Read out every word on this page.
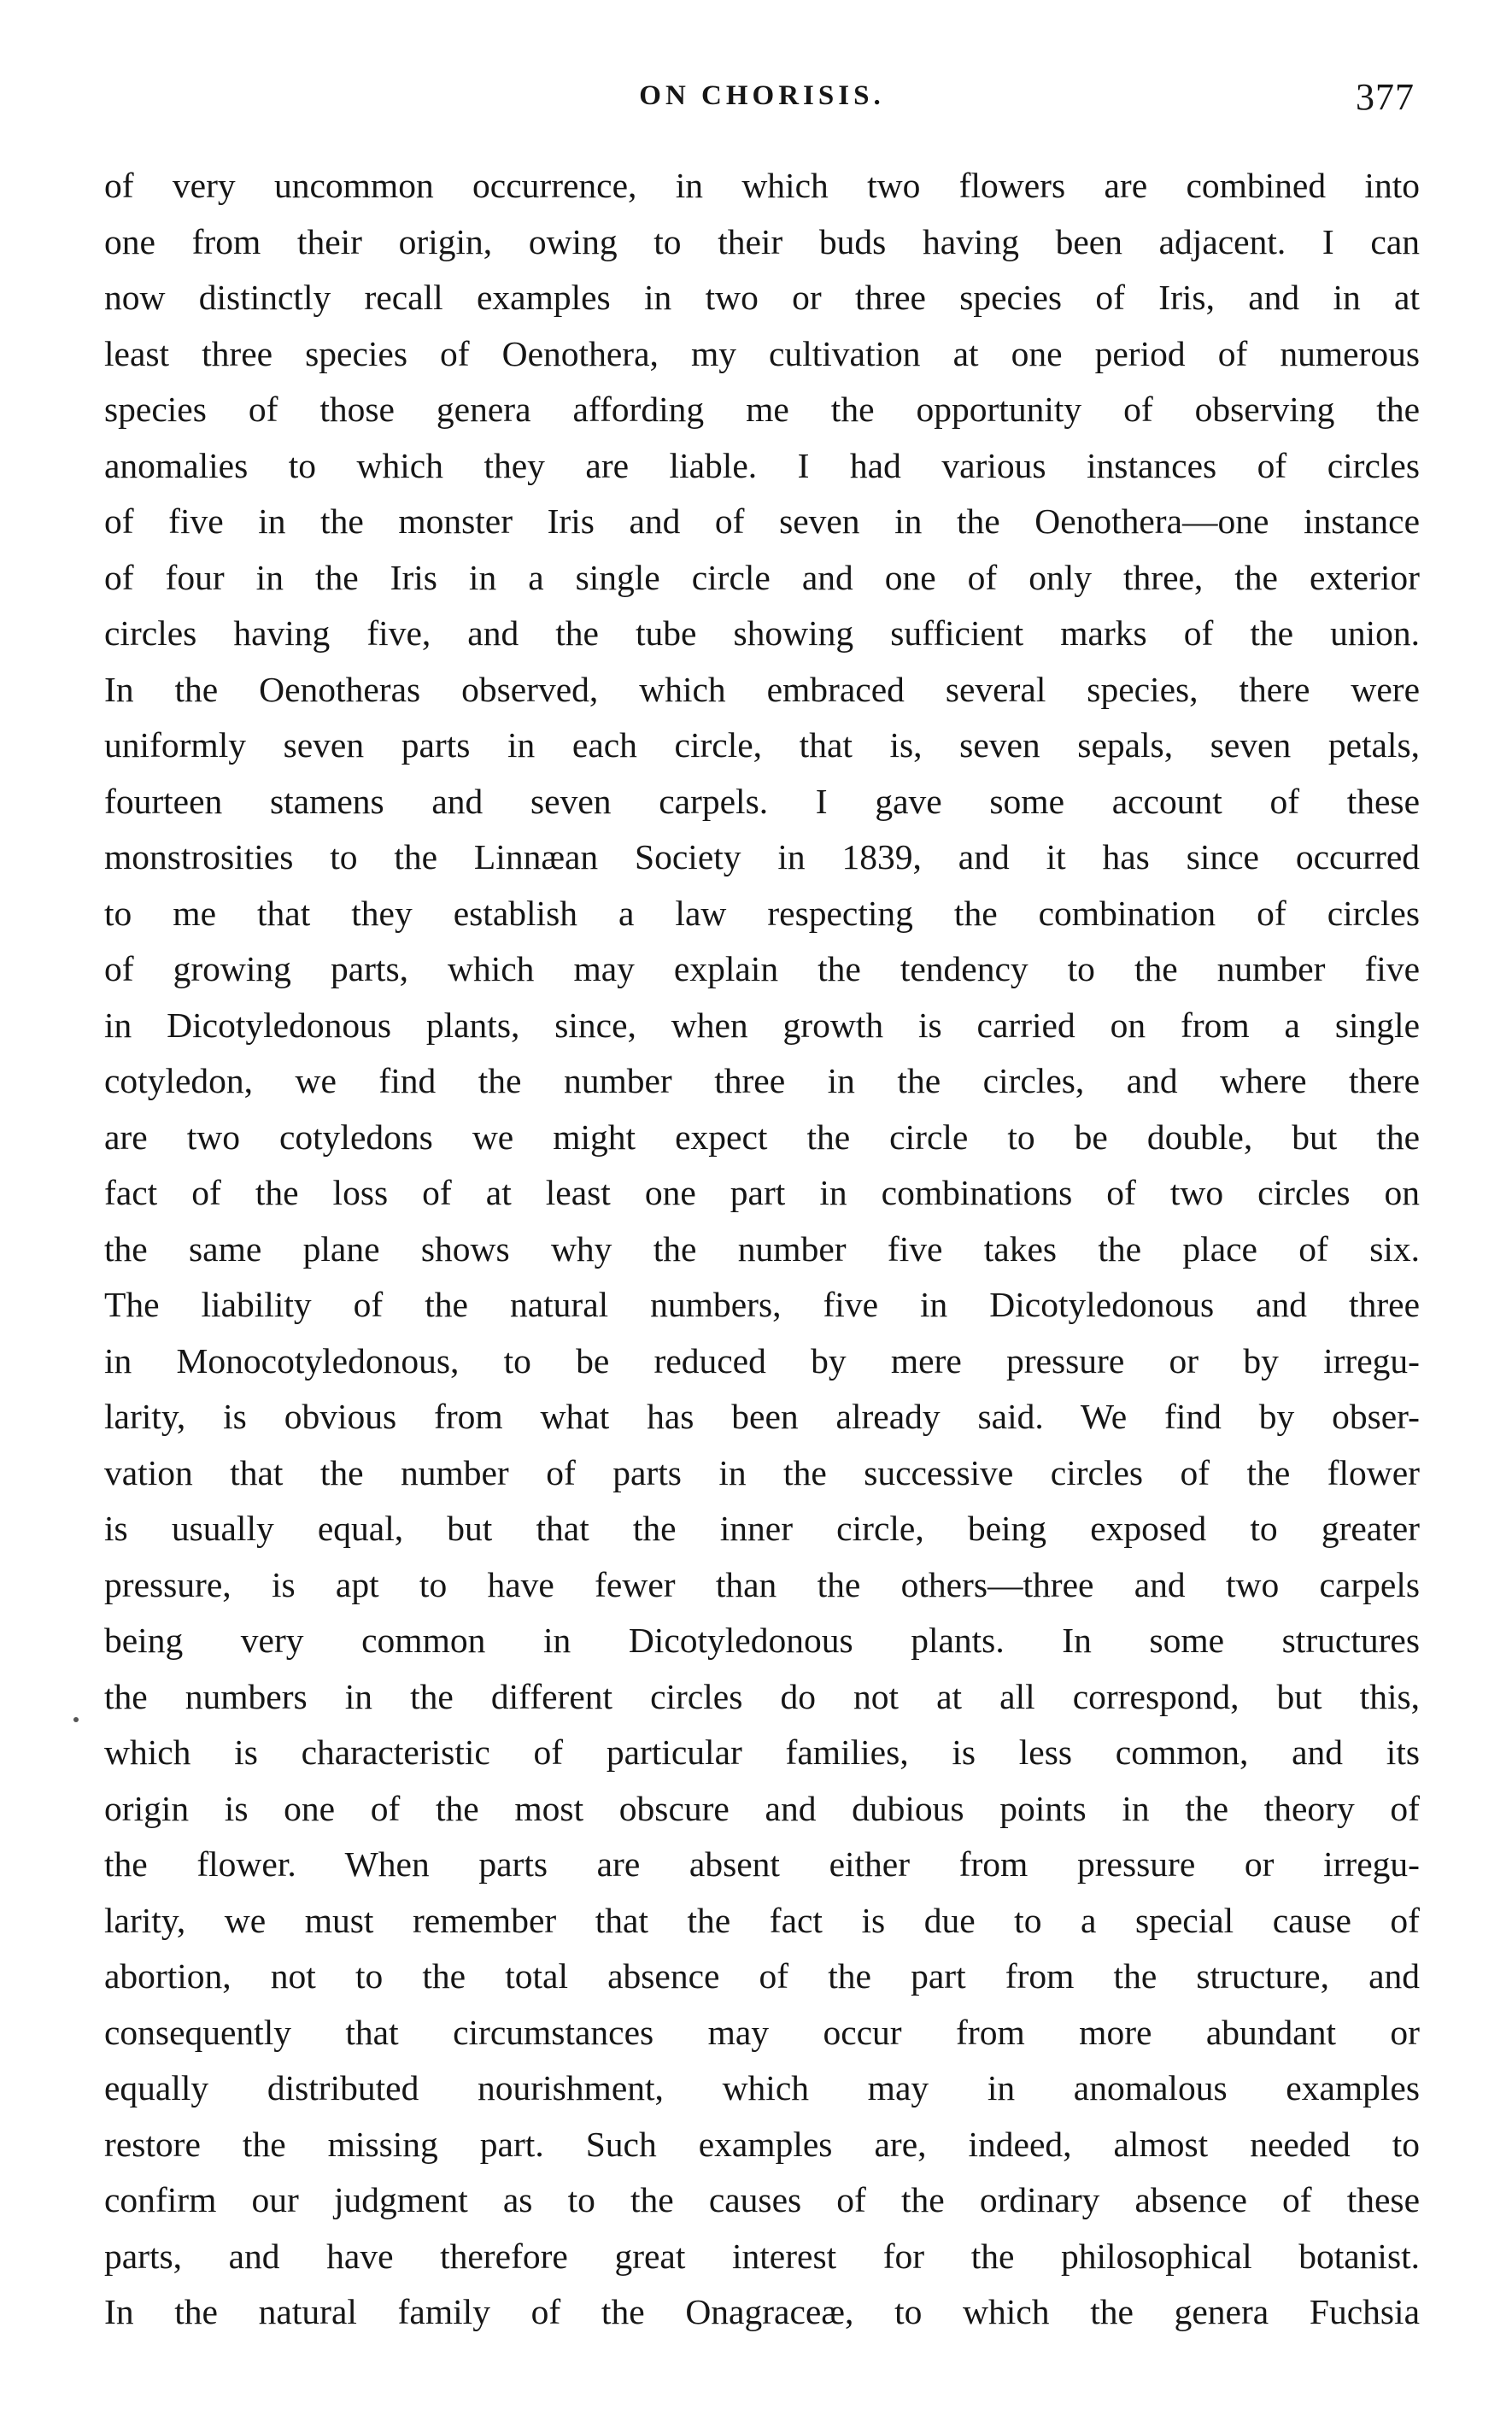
ON CHORISIS.	377
of very uncommon occurrence, in which two flowers are combined into
one from their origin, owing to their buds having been adjacent. I can
now distinctly recall examples in two or three species of Iris, and in at
least three species of Oenothera, my cultivation at one period of numerous
species of those genera affording me the opportunity of observing the
anomalies to which they are liable. I had various instances of circles
of five in the monster Iris and of seven in the Oenothera—one instance
of four in the Iris in a single circle and one of only three, the exterior
circles having five, and the tube showing sufficient marks of the union.
In the Oenotheras observed, which embraced several species, there were
uniformly seven parts in each circle, that is, seven sepals, seven petals,
fourteen stamens and seven carpels. I gave some account of these
monstrosities to the Linnæan Society in 1839, and it has since occurred
to me that they establish a law respecting the combination of circles
of growing parts, which may explain the tendency to the number five
in Dicotyledonous plants, since, when growth is carried on from a single
cotyledon, we find the number three in the circles, and where there
are two cotyledons we might expect the circle to be double, but the
fact of the loss of at least one part in combinations of two circles on
the same plane shows why the number five takes the place of six.
The liability of the natural numbers, five in Dicotyledonous and three
in Monocotyledonous, to be reduced by mere pressure or by irregu-
larity, is obvious from what has been already said. We find by obser-
vation that the number of parts in the successive circles of the flower
is usually equal, but that the inner circle, being exposed to greater
pressure, is apt to have fewer than the others—three and two carpels
being very common in Dicotyledonous plants. In some structures
the numbers in the different circles do not at all correspond, but this,
which is characteristic of particular families, is less common, and its
origin is one of the most obscure and dubious points in the theory of
the flower. When parts are absent either from pressure or irregu-
larity, we must remember that the fact is due to a special cause of
abortion, not to the total absence of the part from the structure, and
consequently that circumstances may occur from more abundant or
equally distributed nourishment, which may in anomalous examples
restore the missing part. Such examples are, indeed, almost needed to
confirm our judgment as to the causes of the ordinary absence of these
parts, and have therefore great interest for the philosophical botanist.
In the natural family of the Onagraceæ, to which the genera Fuchsia
